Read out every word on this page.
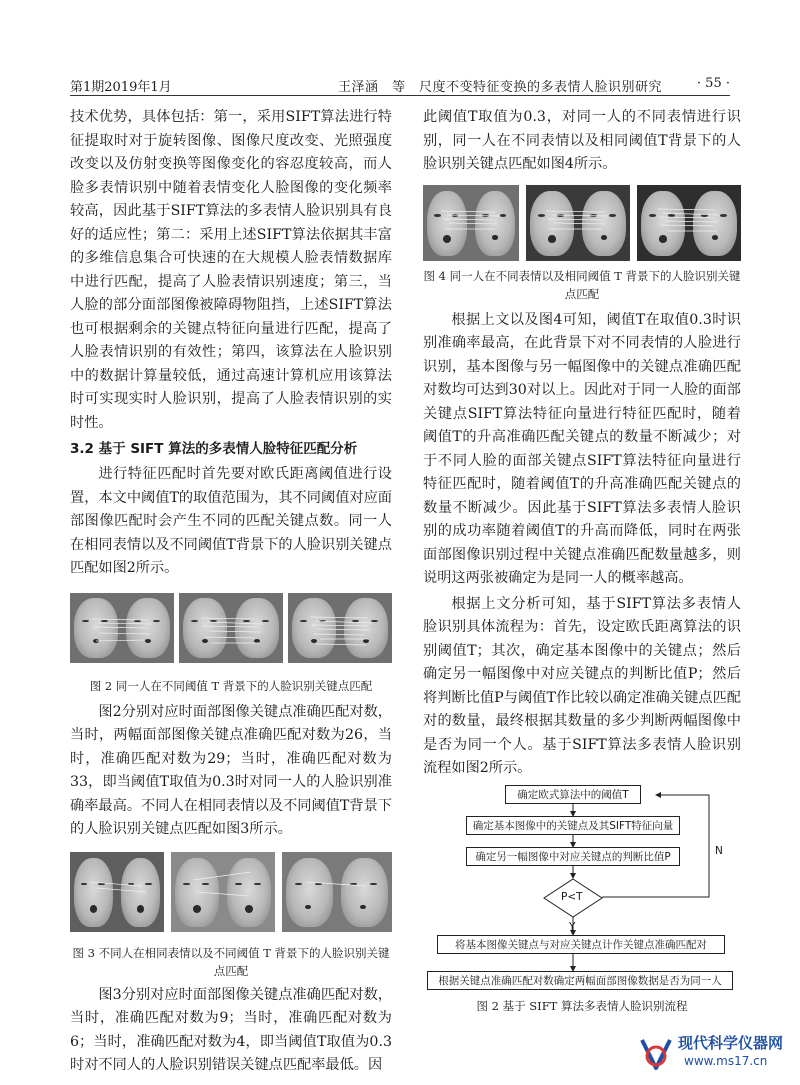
第1期2019年1月	王泽涵　等　 尺度不变特征变换的多表情人脸识别研究	· 55 ·

技术优势，具体包括：第一，采用SIFT算法进行特征提取时对于旋转图像、图像尺度改变、光照强度改变以及仿射变换等图像变化的容忍度较高，而人脸多表情识别中随着表情变化人脸图像的变化频率较高，因此基于SIFT算法的多表情人脸识别具有良好的适应性；第二：采用上述SIFT算法依据其丰富的多维信息集合可快速的在大规模人脸表情数据库中进行匹配，提高了人脸表情识别速度；第三，当人脸的部分面部图像被障碍物阻挡，上述SIFT算法也可根据剩余的关键点特征向量进行匹配，提高了人脸表情识别的有效性；第四，该算法在人脸识别中的数据计算量较低，通过高速计算机应用该算法时可实现实时人脸识别，提高了人脸表情识别的实时性。

3.2 基于 SIFT 算法的多表情人脸特征匹配分析

进行特征匹配时首先要对欧氏距离阈值进行设置，本文中阈值T的取值范围为，其不同阈值对应面部图像匹配时会产生不同的匹配关键点数。同一人在相同表情以及不同阈值T背景下的人脸识别关键点匹配如图2所示。

图 2 同一人在不同阈值 T 背景下的人脸识别关键点匹配

图2分别对应时面部图像关键点准确匹配对数，当时，两幅面部图像关键点准确匹配对数为26，当时，准确匹配对数为29；当时，准确匹配对数为33，即当阈值T取值为0.3时对同一人的人脸识别准确率最高。不同人在相同表情以及不同阈值T背景下的人脸识别关键点匹配如图3所示。

图 3 不同人在相同表情以及不同阈值 T 背景下的人脸识别关键
点匹配

图3分别对应时面部图像关键点准确匹配对数，当时，准确匹配对数为9；当时，准确匹配对数为6；当时，准确匹配对数为4，即当阈值T取值为0.3时对不同人的人脸识别错误关键点匹配率最低。因

此阈值T取值为0.3，对同一人的不同表情进行识别，同一人在不同表情以及相同阈值T背景下的人脸识别关键点匹配如图4所示。

图 4 同一人在不同表情以及相同阈值 T 背景下的人脸识别关键
点匹配

根据上文以及图4可知，阈值T在取值0.3时识别准确率最高，在此背景下对不同表情的人脸进行识别，基本图像与另一幅图像中的关键点准确匹配对数均可达到30对以上。因此对于同一人脸的面部关键点SIFT算法特征向量进行特征匹配时，随着阈值T的升高准确匹配关键点的数量不断减少；对于不同人脸的面部关键点SIFT算法特征向量进行特征匹配时，随着阈值T的升高准确匹配关键点的数量不断减少。因此基于SIFT算法多表情人脸识别的成功率随着阈值T的升高而降低，同时在两张面部图像识别过程中关键点准确匹配数量越多，则说明这两张被确定为是同一人的概率越高。

根据上文分析可知，基于SIFT算法多表情人脸识别具体流程为：首先，设定欧氏距离算法的识别阈值T；其次，确定基本图像中的关键点；然后确定另一幅图像中对应关键点的判断比值P；然后将判断比值P与阈值T作比较以确定准确关键点匹配对的数量，最终根据其数量的多少判断两幅图像中是否为同一个人。基于SIFT算法多表情人脸识别流程如图2所示。

确定欧式算法中的阈值T
确定基本图像中的关键点及其SIFT特征向量
确定另一幅图像中对应关键点的判断比值P
P<T
N
Y
将基本图像关键点与对应关键点计作关键点准确匹配对
根据关键点准确匹配对数确定两幅面部图像数据是否为同一人
图 2 基于 SIFT 算法多表情人脸识别流程
现代科学仪器网
www.ms17.cn
